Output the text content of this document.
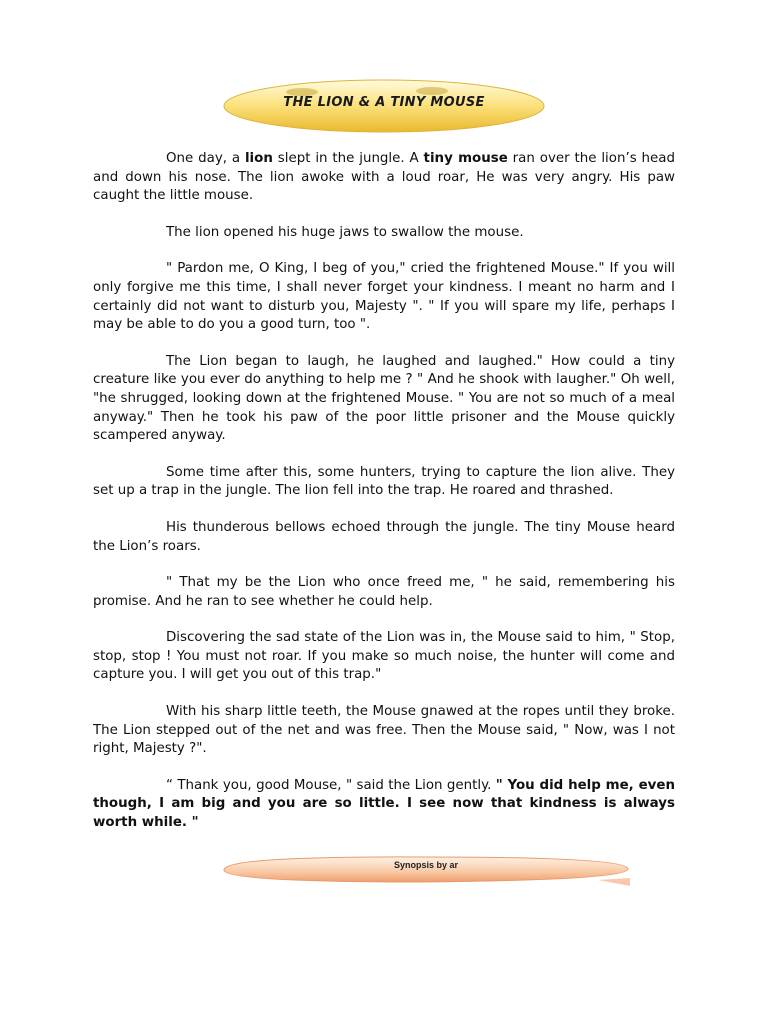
THE LION & A TINY MOUSE

One day, a lion slept in the jungle. A tiny mouse ran over the lion’s head and down his nose. The lion awoke with a loud roar, He was very angry. His paw caught the little mouse.

The lion opened his huge jaws to swallow the mouse.

" Pardon me, O King, I beg of you," cried the frightened Mouse." If you will only forgive me this time, I shall never forget your kindness. I meant no harm and I certainly did not want to disturb you, Majesty ". " If you will spare my life, perhaps I may be able to do you a good turn, too ".

The Lion began to laugh, he laughed and laughed." How could a tiny creature like you ever do anything to help me ? " And he shook with laugher." Oh well, "he shrugged, looking down at the frightened Mouse. " You are not so much of a meal anyway." Then he took his paw of the poor little prisoner and the Mouse quickly scampered anyway.

Some time after this, some hunters, trying to capture the lion alive. They set up a trap in the jungle. The lion fell into the trap. He roared and thrashed.

His thunderous bellows echoed through the jungle. The tiny Mouse heard the Lion’s roars.

" That my be the Lion who once freed me, " he said, remembering his promise. And he ran to see whether he could help.

Discovering the sad state of the Lion was in, the Mouse said to him, " Stop, stop, stop ! You must not roar. If you make so much noise, the hunter will come and capture you. I will get you out of this trap."

With his sharp little teeth, the Mouse gnawed at the ropes until they broke. The Lion stepped out of the net and was free. Then the Mouse said, " Now, was I not right, Majesty ?".

“ Thank you, good Mouse, " said the Lion gently. " You did help me, even though, I am big and you are so little. I see now that kindness is always worth while. "

Synopsis by ar
